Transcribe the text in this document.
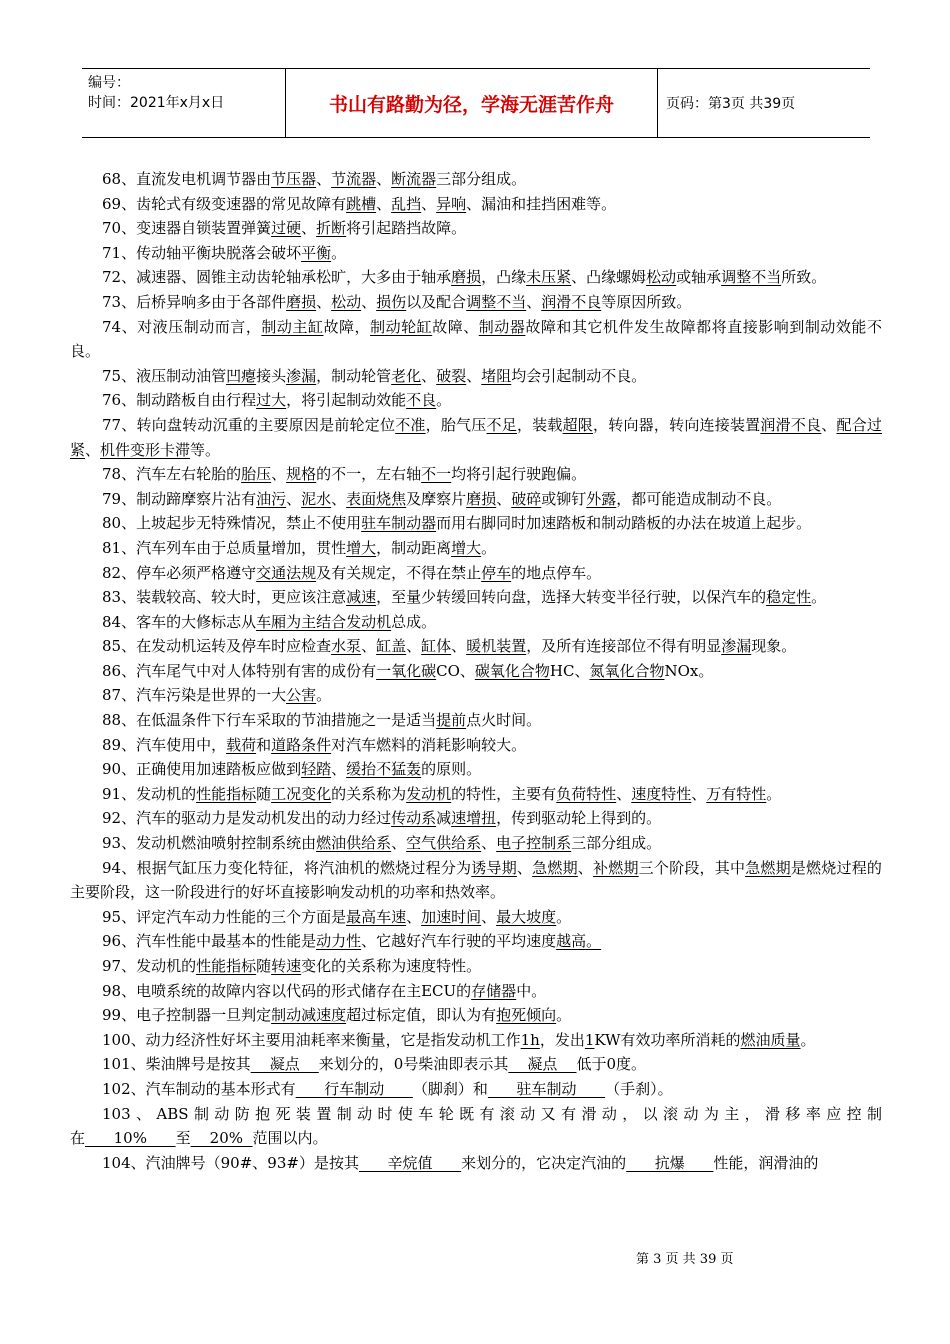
编号：
时间：2021年x月x日	书山有路勤为径，学海无涯苦作舟	页码：第3页 共39页

68、直流发电机调节器由节压器、节流器、断流器三部分组成。

69、齿轮式有级变速器的常见故障有跳槽、乱挡、异响、漏油和挂挡困难等。

70、变速器自锁装置弹簧过硬、折断将引起踏挡故障。

71、传动轴平衡块脱落会破坏平衡。

72、减速器、圆锥主动齿轮轴承松旷，大多由于轴承磨损，凸缘未压紧、凸缘螺姆松动或轴承调整不当所致。

73、后桥异响多由于各部件磨损、松动、损伤以及配合调整不当、润滑不良等原因所致。

74、对液压制动而言，制动主缸故障，制动轮缸故障、制动器故障和其它机件发生故障都将直接影响到制动效能不良。

75、液压制动油管凹瘪接头渗漏，制动轮管老化、破裂、堵阻均会引起制动不良。

76、制动踏板自由行程过大，将引起制动效能不良。

77、转向盘转动沉重的主要原因是前轮定位不准，胎气压不足，装载超限，转向器，转向连接装置润滑不良、配合过紧、机件变形卡滞等。

78、汽车左右轮胎的胎压、规格的不一，左右轴不一均将引起行驶跑偏。

79、制动蹄摩察片沾有油污、泥水、表面烧焦及摩察片磨损、破碎或铆钉外露，都可能造成制动不良。

80、上坡起步无特殊情况，禁止不使用驻车制动器而用右脚同时加速踏板和制动踏板的办法在坡道上起步。

81、汽车列车由于总质量增加，贯性增大，制动距离增大。

82、停车必须严格遵守交通法规及有关规定，不得在禁止停车的地点停车。

83、装载较高、较大时，更应该注意减速，至量少转缓回转向盘，选择大转变半径行驶，以保汽车的稳定性。

84、客车的大修标志从车厢为主结合发动机总成。

85、在发动机运转及停车时应检查水泵、缸盖、缸体、暖机装置，及所有连接部位不得有明显渗漏现象。

86、汽车尾气中对人体特别有害的成份有一氧化碳CO、碳氧化合物HC、氮氧化合物NOx。

87、汽车污染是世界的一大公害。

88、在低温条件下行车采取的节油措施之一是适当提前点火时间。

89、汽车使用中，载荷和道路条件对汽车燃料的消耗影响较大。

90、正确使用加速踏板应做到轻踏、缓抬不猛轰的原则。

91、发动机的性能指标随工况变化的关系称为发动机的特性，主要有负荷特性、速度特性、万有特性。

92、汽车的驱动力是发动机发出的动力经过传动系减速增扭，传到驱动轮上得到的。

93、发动机燃油喷射控制系统由燃油供给系、空气供给系、电子控制系三部分组成。

94、根据气缸压力变化特征，将汽油机的燃烧过程分为诱导期、急燃期、补燃期三个阶段，其中急燃期是燃烧过程的主要阶段，这一阶段进行的好坏直接影响发动机的功率和热效率。

95、评定汽车动力性能的三个方面是最高车速、加速时间、最大坡度。

96、汽车性能中最基本的性能是动力性、它越好汽车行驶的平均速度越高。

97、发动机的性能指标随转速变化的关系称为速度特性。

98、电喷系统的故障内容以代码的形式储存在主ECU的存储器中。

99、电子控制器一旦判定制动减速度超过标定值，即认为有抱死倾向。

100、动力经济性好坏主要用油耗率来衡量，它是指发动机工作1h，发出1KW有效功率所消耗的燃油质量。

101、柴油牌号是按其    凝点    来划分的，0号柴油即表示其    凝点    低于0度。

102、汽车制动的基本形式有      行车制动      （脚刹）和      驻车制动      （手刹）。

103、ABS制动防抱死装置制动时使车轮既有滚动又有滑动，以滚动为主，滑移率应控制在      10%      至    20%  范围以内。

104、汽油牌号（90#、93#）是按其      辛烷值      来划分的，它决定汽油的      抗爆      性能，润滑油的

第 3 页 共 39 页
